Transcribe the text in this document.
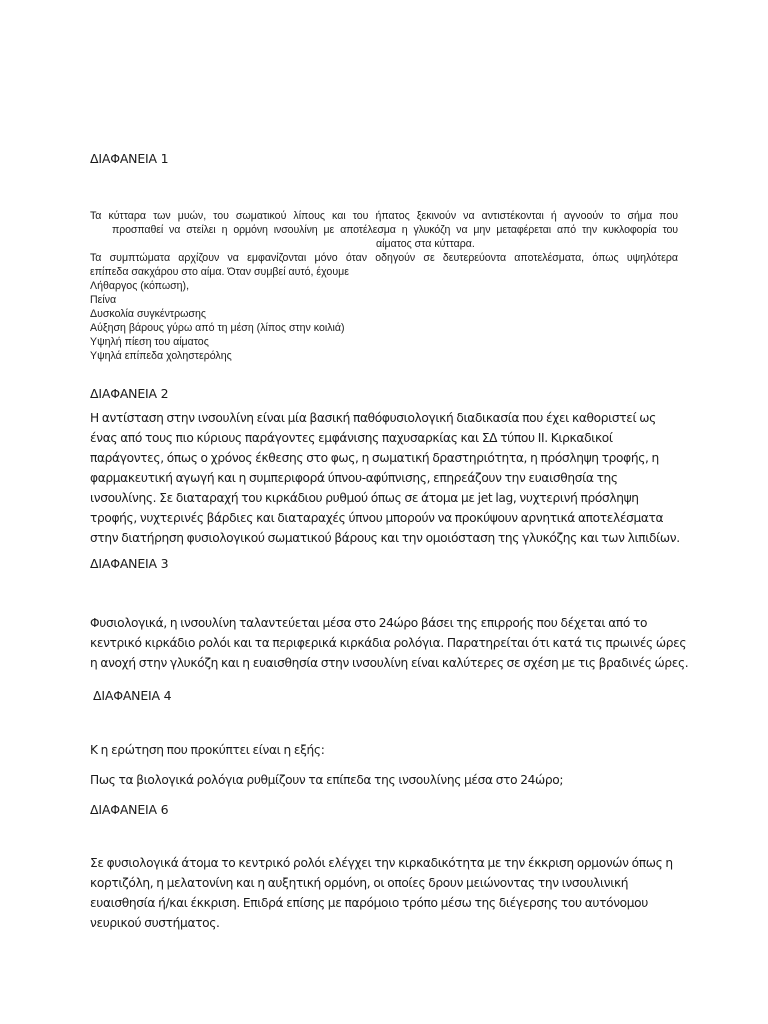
ΔΙΑΦΑΝΕΙΑ 1

Τα κύτταρα των μυών, του σωματικού λίπους και του ήπατος ξεκινούν να αντιστέκονται ή αγνοούν το σήμα που

προσπαθεί να στείλει η ορμόνη ινσουλίνη με αποτέλεσμα η γλυκόζη να μην μεταφέρεται από την κυκλοφορία του

αίματος στα κύτταρα.

Τα συμπτώματα αρχίζουν να εμφανίζονται μόνο όταν οδηγούν σε δευτερεύοντα αποτελέσματα, όπως υψηλότερα

επίπεδα σακχάρου στο αίμα. Όταν συμβεί αυτό, έχουμε

Λήθαργος (κόπωση),

Πείνα

Δυσκολία συγκέντρωσης

Αύξηση βάρους γύρω από τη μέση (λίπος στην κοιλιά)

Υψηλή πίεση του αίματος

Υψηλά επίπεδα χοληστερόλης

ΔΙΑΦΑΝΕΙΑ 2
Η αντίσταση στην ινσουλίνη είναι μία βασική παθόφυσιολογική διαδικασία που έχει καθοριστεί ως
ένας από τους πιο κύριους παράγοντες εμφάνισης παχυσαρκίας και ΣΔ τύπου ΙΙ. Κιρκαδικοί
παράγοντες, όπως ο χρόνος έκθεσης στο φως, η σωματική δραστηριότητα, η πρόσληψη τροφής, η
φαρμακευτική αγωγή και η συμπεριφορά ύπνου-αφύπνισης, επηρεάζουν την ευαισθησία της
ινσουλίνης. Σε διαταραχή του κιρκάδιου ρυθμού όπως σε άτομα με jet lag, νυχτερινή πρόσληψη
τροφής, νυχτερινές βάρδιες και διαταραχές ύπνου μπορούν να προκύψουν αρνητικά αποτελέσματα
στην διατήρηση φυσιολογικού σωματικού βάρους και την ομοιόσταση της γλυκόζης και των λιπιδίων.
ΔΙΑΦΑΝΕΙΑ 3
Φυσιολογικά, η ινσουλίνη ταλαντεύεται μέσα στο 24ώρο βάσει της επιρροής που δέχεται από το
κεντρικό κιρκάδιο ρολόι και τα περιφερικά κιρκάδια ρολόγια. Παρατηρείται ότι κατά τις πρωινές ώρες
η ανοχή στην γλυκόζη και η ευαισθησία στην ινσουλίνη είναι καλύτερες σε σχέση με τις βραδινές ώρες.
ΔΙΑΦΑΝΕΙΑ 4
Κ η ερώτηση που προκύπτει είναι η εξής:
Πως τα βιολογικά ρολόγια ρυθμίζουν τα επίπεδα της ινσουλίνης μέσα στο 24ώρο;
ΔΙΑΦΑΝΕΙΑ 6
Σε φυσιολογικά άτομα το κεντρικό ρολόι ελέγχει την κιρκαδικότητα με την έκκριση ορμονών όπως η
κορτιζόλη, η μελατονίνη και η αυξητική ορμόνη, οι οποίες δρουν μειώνοντας την ινσουλινική
ευαισθησία ή/και έκκριση. Επιδρά επίσης με παρόμοιο τρόπο μέσω της διέγερσης του αυτόνομου
νευρικού συστήματος.
